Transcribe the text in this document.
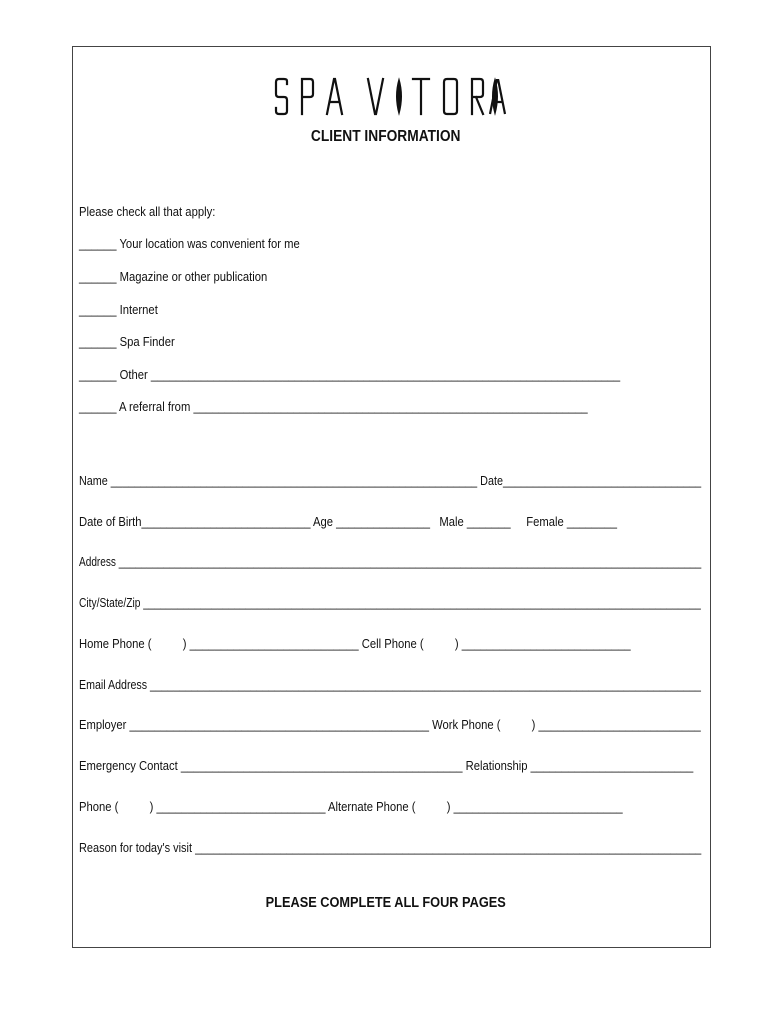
CLIENT INFORMATION
Please check all that apply:
______ Your location was convenient for me
______ Magazine or other publication
______ Internet
______ Spa Finder
______ Other ___________________________________________________________________________
______ A referral from _______________________________________________________________
Name _____________________________________________________________ Date_________________________________
Date of Birth___________________________ Age _______________   Male _______     Female ________
Address ________________________________________________________________________________________________________
City/State/Zip __________________________________________________________________________________________________
Home Phone (          ) ___________________________ Cell Phone (          ) ___________________________
Email Address _____________________________________________________________________________________________
Employer ________________________________________________ Work Phone (          ) __________________________
Emergency Contact _____________________________________________ Relationship __________________________
Phone (          ) ___________________________ Alternate Phone (          ) ___________________________
Reason for today's visit ___________________________________________________________________________________
PLEASE COMPLETE ALL FOUR PAGES
